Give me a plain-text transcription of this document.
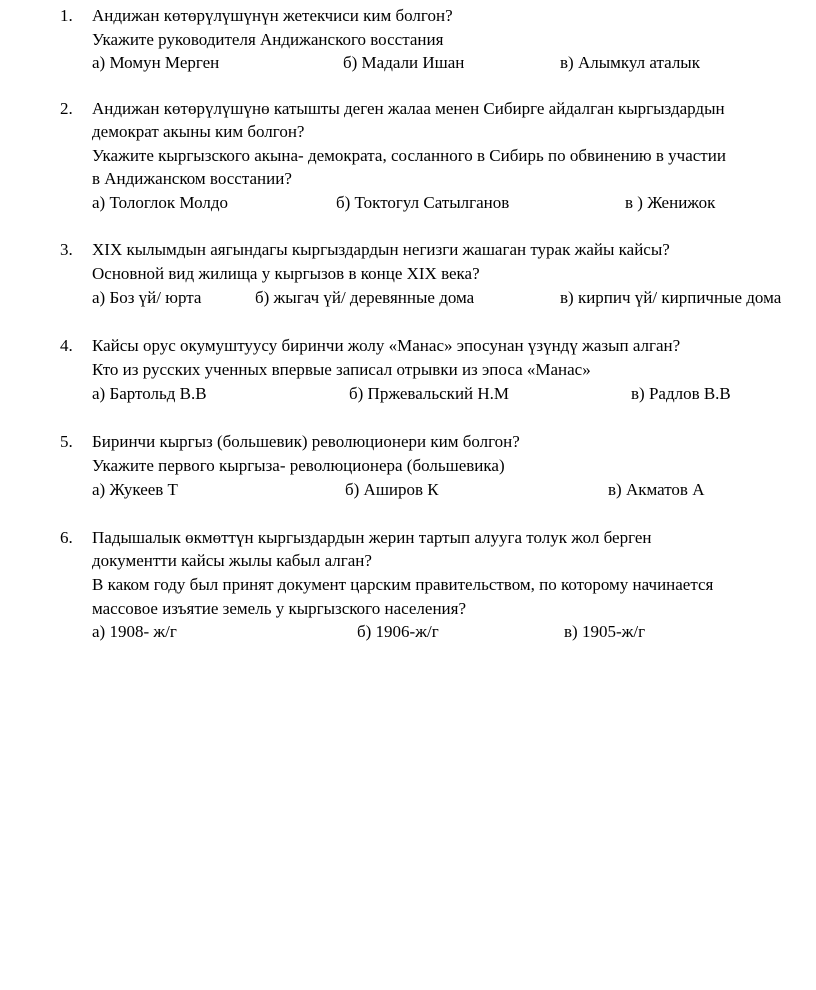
1. Андижан көтөрүлүшүнүн жетекчиси ким болгон?
Укажите руководителя Андижанского восстания
а) Момун Мерген	б) Мадали Ишан	в) Алымкул аталык
2. Андижан көтөрүлүшүнө катышты деген жалаа менен Сибирге айдалган кыргыздардын
демократ акыны ким болгон?
Укажите кыргызского акына- демократа, сосланного в Сибирь по обвинению в участии
в Андижанском восстании?
а) Тологлок Молдо	б) Токтогул Сатылганов	в ) Женижок
3. XIX кылымдын аягындагы кыргыздардын негизги жашаган турак жайы кайсы?
Основной вид жилища у кыргызов в конце XIX века?
а) Боз үй/ юрта	б) жыгач үй/ деревянные дома	в) кирпич үй/ кирпичные дома
4. Кайсы орус окумуштуусу биринчи жолу «Манас» эпосунан үзүндү жазып алган?
Кто из русских ученных впервые записал отрывки из эпоса «Манас»
а) Бартольд В.В	б) Пржевальский Н.М	в) Радлов В.В
5. Биринчи кыргыз (большевик) революционери ким болгон?
Укажите первого кыргыза- революционера (большевика)
а) Жукеев Т	б) Аширов К	в) Акматов А
6. Падышалык өкмөттүн кыргыздардын жерин тартып алууга толук жол берген
документти кайсы жылы кабыл алган?
В каком году был принят документ царским правительством, по которому начинается
массовое изъятие земель у кыргызского населения?
а) 1908- ж/г	б) 1906-ж/г	в) 1905-ж/г
